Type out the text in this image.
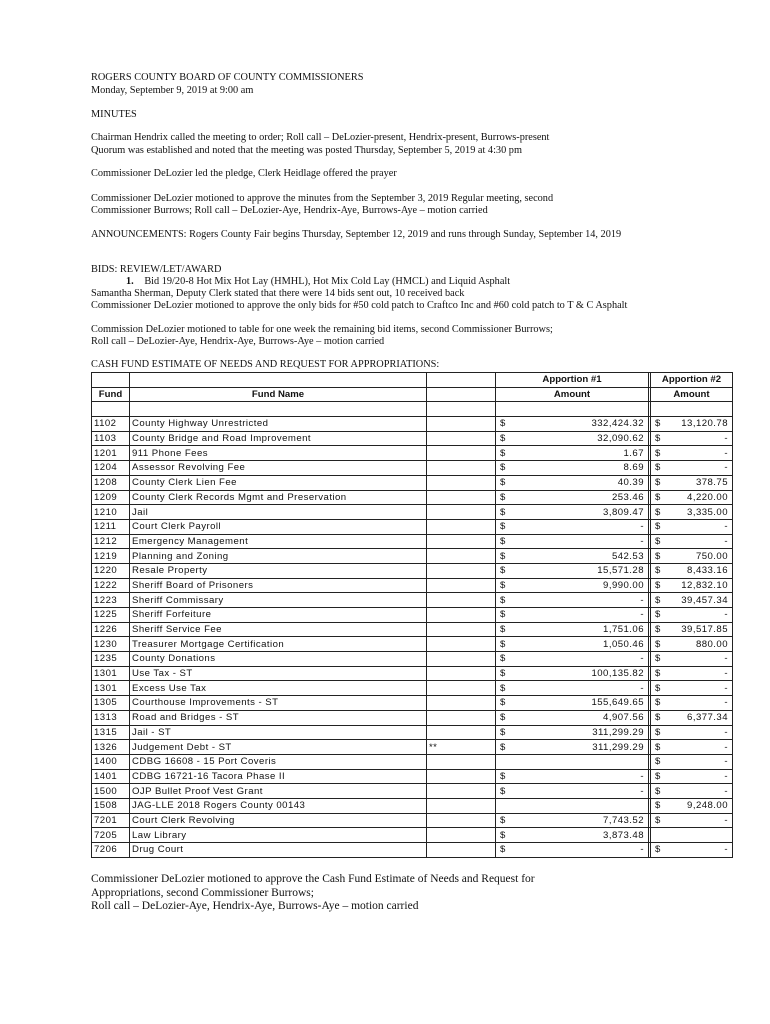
ROGERS COUNTY BOARD OF COUNTY COMMISSIONERS
Monday, September 9, 2019 at 9:00 am
MINUTES
Chairman Hendrix called the meeting to order; Roll call – DeLozier-present, Hendrix-present, Burrows-present
Quorum was established and noted that the meeting was posted Thursday, September 5, 2019 at 4:30 pm
Commissioner DeLozier led the pledge, Clerk Heidlage offered the prayer
Commissioner DeLozier motioned to approve the minutes from the September 3, 2019 Regular meeting, second
Commissioner Burrows; Roll call – DeLozier-Aye, Hendrix-Aye, Burrows-Aye – motion carried
ANNOUNCEMENTS: Rogers County Fair begins Thursday, September 12, 2019 and runs through Sunday, September 14, 2019
BIDS: REVIEW/LET/AWARD
1. Bid 19/20-8 Hot Mix Hot Lay (HMHL), Hot Mix Cold Lay (HMCL) and Liquid Asphalt
Samantha Sherman, Deputy Clerk stated that there were 14 bids sent out, 10 received back
Commissioner DeLozier motioned to approve the only bids for #50 cold patch to Craftco Inc and #60 cold patch to T & C Asphalt
Commission DeLozier motioned to table for one week the remaining bid items, second Commissioner Burrows;
Roll call – DeLozier-Aye, Hendrix-Aye, Burrows-Aye – motion carried
CASH FUND ESTIMATE OF NEEDS AND REQUEST FOR APPROPRIATIONS:
			Apportion #1		Apportion #2
Fund	Fund Name		Amount		Amount

1102	County Highway Unrestricted		$ 332,424.32		$ 13,120.78

1103	County Bridge and Road Improvement		$ 32,090.62		$ -

1201	911 Phone Fees		$ 1.67		$ -

1204	Assessor Revolving Fee		$ 8.69		$ -

1208	County Clerk Lien Fee		$ 40.39		$ 378.75

1209	County Clerk Records Mgmt and Preservation		$ 253.46		$ 4,220.00

1210	Jail		$ 3,809.47		$ 3,335.00

1211	Court Clerk Payroll		$ -		$ -

1212	Emergency Management		$ -		$ -

1219	Planning and Zoning		$ 542.53		$ 750.00

1220	Resale Property		$ 15,571.28		$ 8,433.16

1222	Sheriff Board of Prisoners		$ 9,990.00		$ 12,832.10

1223	Sheriff Commissary		$ -		$ 39,457.34

1225	Sheriff Forfeiture		$ -		$ -

1226	Sheriff Service Fee		$ 1,751.06		$ 39,517.85

1230	Treasurer Mortgage Certification		$ 1,050.46		$ 880.00

1235	County Donations		$ -		$ -

1301	Use Tax - ST		$ 100,135.82		$ -

1301	Excess Use Tax		$ -		$ -

1305	Courthouse Improvements - ST		$ 155,649.65		$ -

1313	Road and Bridges - ST		$ 4,907.56		$ 6,377.34

1315	Jail - ST		$ 311,299.29		$ -

1326	Judgement Debt - ST	**	$ 311,299.29		$ -

1400	CDBG 16608 - 15 Port Coveris				$ -

1401	CDBG 16721-16 Tacora Phase II		$ -		$ -

1500	OJP Bullet Proof Vest Grant		$ -		$ -

1508	JAG-LLE 2018 Rogers County 00143				$ 9,248.00

7201	Court Clerk Revolving		$ 7,743.52		$ -

7205	Law Library		$ 3,873.48		

7206	Drug Court		$ -		$ -
Commissioner DeLozier motioned to approve the Cash Fund Estimate of Needs and Request for
Appropriations, second Commissioner Burrows;
Roll call – DeLozier-Aye, Hendrix-Aye, Burrows-Aye – motion carried
